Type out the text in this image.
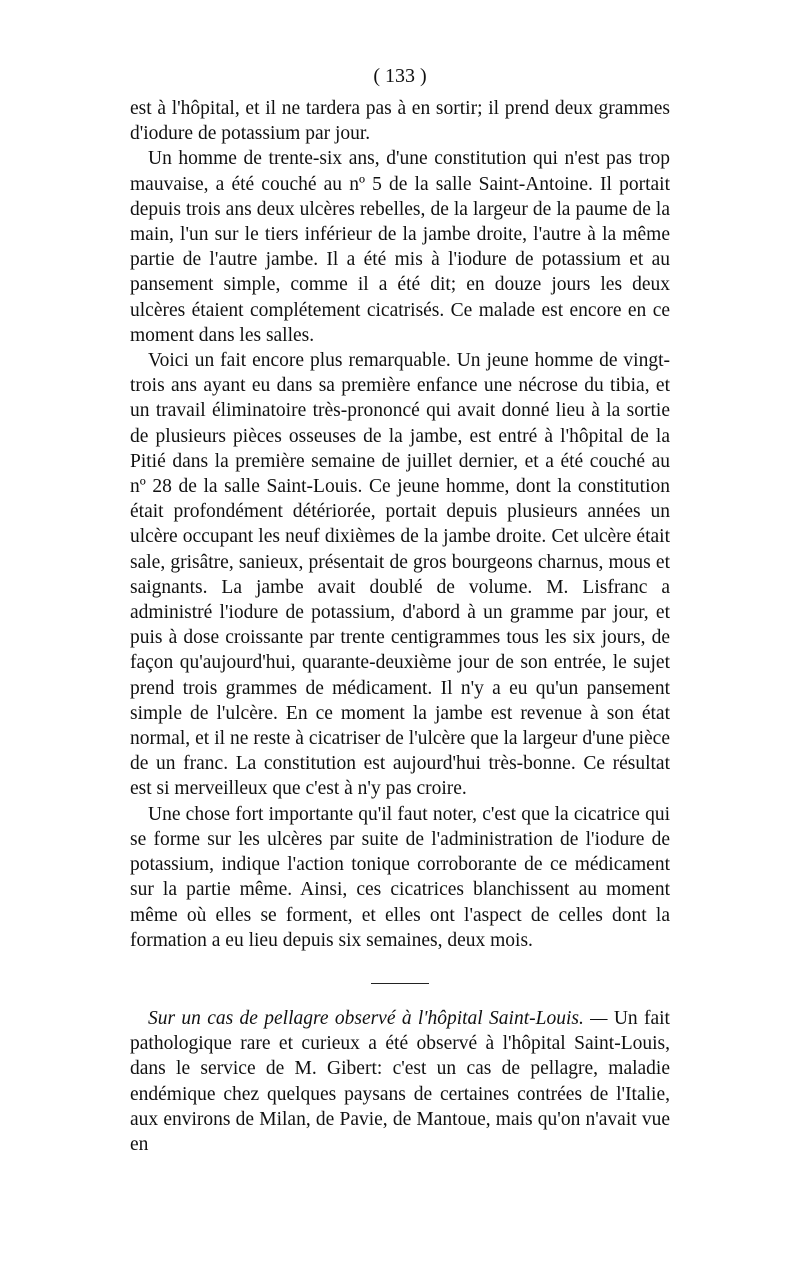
( 133 )

est à l'hôpital, et il ne tardera pas à en sortir; il prend deux grammes d'iodure de potassium par jour.

Un homme de trente-six ans, d'une constitution qui n'est pas trop mauvaise, a été couché au nº 5 de la salle Saint-Antoine. Il portait depuis trois ans deux ulcères rebelles, de la largeur de la paume de la main, l'un sur le tiers inférieur de la jambe droite, l'autre à la même partie de l'autre jambe. Il a été mis à l'iodure de potassium et au pansement simple, comme il a été dit; en douze jours les deux ulcères étaient complétement cicatrisés. Ce malade est encore en ce moment dans les salles.

Voici un fait encore plus remarquable. Un jeune homme de vingt-trois ans ayant eu dans sa première enfance une nécrose du tibia, et un travail éliminatoire très-prononcé qui avait donné lieu à la sortie de plusieurs pièces osseuses de la jambe, est entré à l'hôpital de la Pitié dans la première semaine de juillet dernier, et a été couché au nº 28 de la salle Saint-Louis. Ce jeune homme, dont la constitution était profondément détériorée, portait depuis plusieurs années un ulcère occupant les neuf dixièmes de la jambe droite. Cet ulcère était sale, grisâtre, sanieux, présentait de gros bourgeons charnus, mous et saignants. La jambe avait doublé de volume. M. Lisfranc a administré l'iodure de potassium, d'abord à un gramme par jour, et puis à dose croissante par trente centigrammes tous les six jours, de façon qu'aujourd'hui, quarante-deuxième jour de son entrée, le sujet prend trois grammes de médicament. Il n'y a eu qu'un pansement simple de l'ulcère. En ce moment la jambe est revenue à son état normal, et il ne reste à cicatriser de l'ulcère que la largeur d'une pièce de un franc. La constitution est aujourd'hui très-bonne. Ce résultat est si merveilleux que c'est à n'y pas croire.

Une chose fort importante qu'il faut noter, c'est que la cicatrice qui se forme sur les ulcères par suite de l'administration de l'iodure de potassium, indique l'action tonique corroborante de ce médicament sur la partie même. Ainsi, ces cicatrices blanchissent au moment même où elles se forment, et elles ont l'aspect de celles dont la formation a eu lieu depuis six semaines, deux mois.

Sur un cas de pellagre observé à l'hôpital Saint-Louis. — Un fait pathologique rare et curieux a été observé à l'hôpital Saint-Louis, dans le service de M. Gibert: c'est un cas de pellagre, maladie endémique chez quelques paysans de certaines contrées de l'Italie, aux environs de Milan, de Pavie, de Mantoue, mais qu'on n'avait vue en
